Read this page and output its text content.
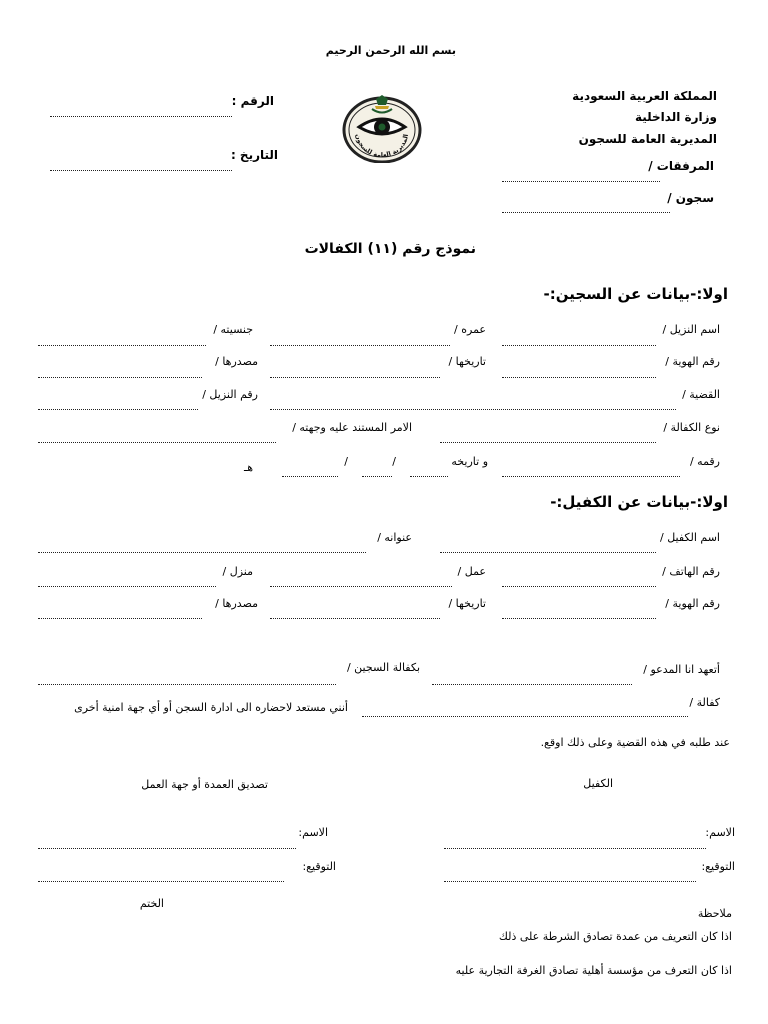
بسم الله الرحمن الرحيم
المملكة العربية السعودية
وزارة الداخلية
المديرية العامة للسجون
المرفقات /
سجون /
الرقم :
التاريخ :
المديرية العامة للسجون
نموذج رقم (١١) الكفالات
اولا:-بيانات عن السجين:-
اسم النزيل /
عمره /
جنسيته /
رقم الهوية /
تاريخها /
مصدرها /
القضية /
رقم النزيل /
نوع الكفالة /
الامر المستند عليه وجهته /
رقمه /
و تاريخه
/
/
هـ
اولا:-بيانات عن الكفيل:-
اسم الكفيل /
عنوانه /
رقم الهاتف /
عمل /
منزل /
رقم الهوية /
تاريخها /
مصدرها /
أتعهد انا المدعو /
بكفالة السجين /
كفالة /
أنني مستعد لاحضاره الى ادارة السجن أو أي جهة امنية أخرى
عند طلبه في هذه القضية وعلى ذلك اوقع.
الكفيل
تصديق العمدة أو جهة العمل
الاسم:
الاسم:
التوقيع:
التوقيع:
الختم
ملاحظة
اذا كان التعريف من عمدة تصادق الشرطة على ذلك
اذا كان التعرف من مؤسسة أهلية تصادق الغرفة التجارية عليه
